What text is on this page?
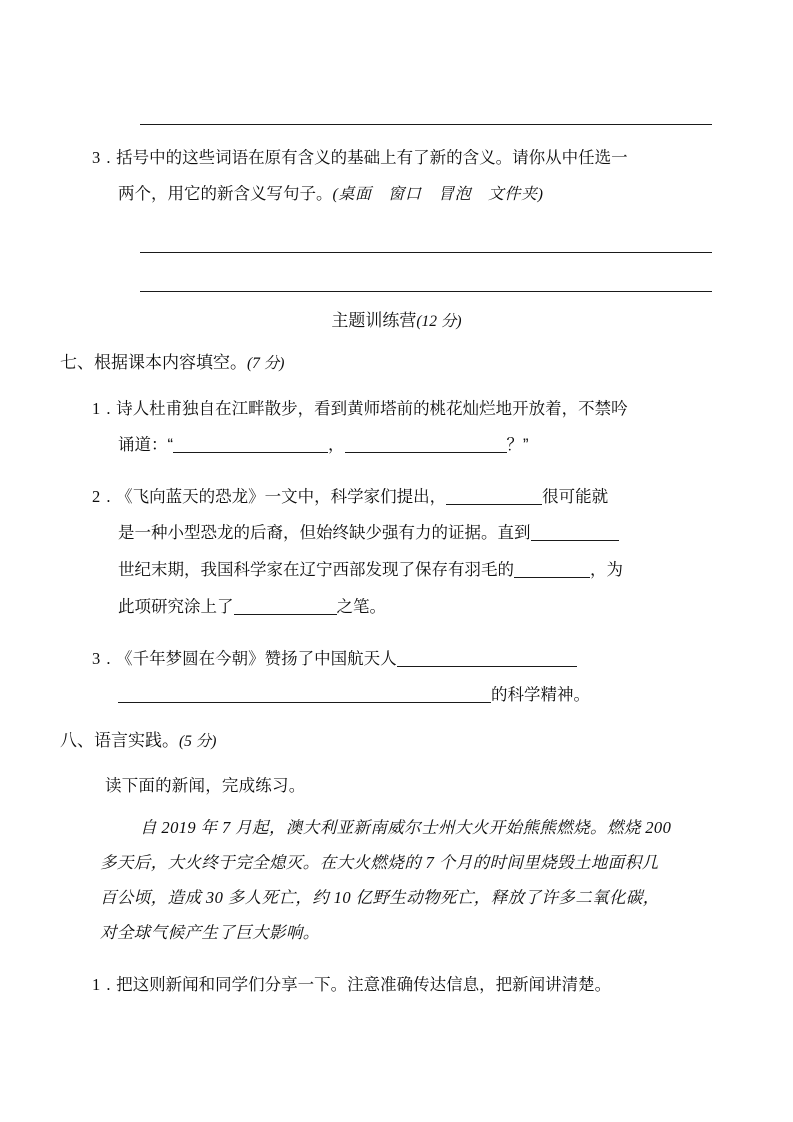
3 . 括号中的这些词语在原有含义的基础上有了新的含义。请你从中任选一
两个，用它的新含义写句子。(桌面　窗口　冒泡　文件夹)
主题训练营(12 分)
七、根据课本内容填空。(7 分)
1 . 诗人杜甫独自在江畔散步，看到黄师塔前的桃花灿烂地开放着，不禁吟
诵道：“	，	？”
2 . 《飞向蓝天的恐龙》一文中，科学家们提出，	很可能就
是一种小型恐龙的后裔，但始终缺少强有力的证据。直到
世纪末期，我国科学家在辽宁西部发现了保存有羽毛的	，为
此项研究涂上了	之笔。
3 . 《千年梦圆在今朝》赞扬了中国航天人
的科学精神。
八、语言实践。(5 分)
读下面的新闻，完成练习。
自 2019 年 7 月起，澳大利亚新南威尔士州大火开始熊熊燃烧。燃烧 200
多天后，大火终于完全熄灭。在大火燃烧的 7 个月的时间里烧毁土地面积几
百公顷，造成 30 多人死亡，约 10 亿野生动物死亡，释放了许多二氧化碳，
对全球气候产生了巨大影响。
1 . 把这则新闻和同学们分享一下。注意准确传达信息，把新闻讲清楚。
